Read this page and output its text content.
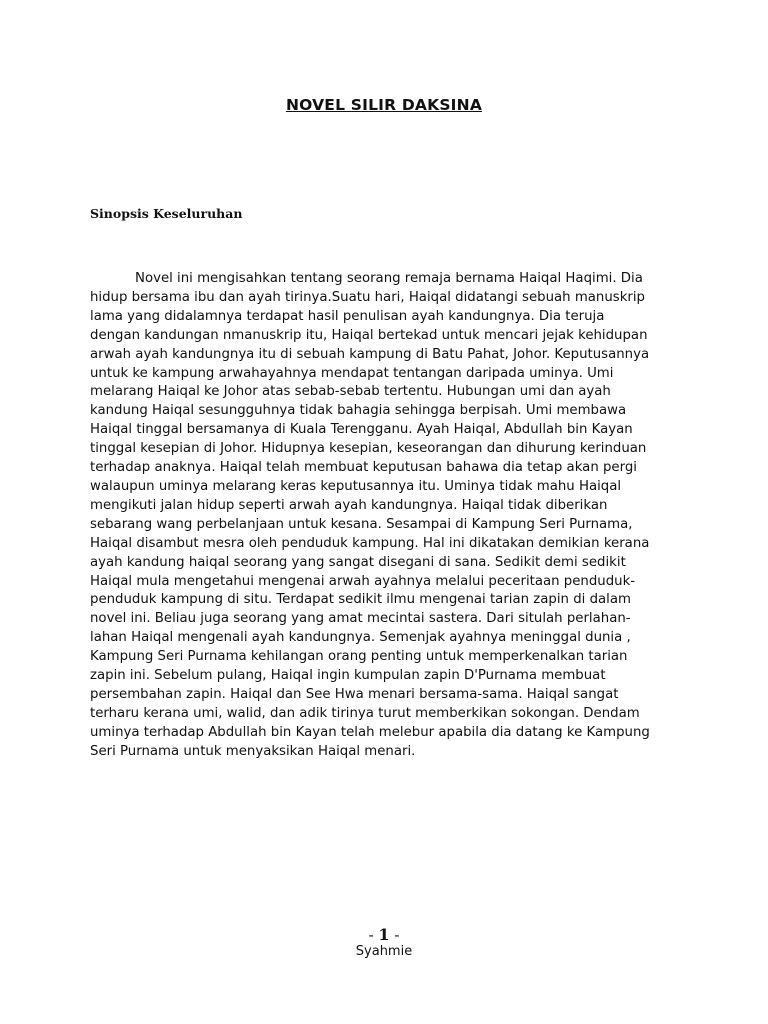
NOVEL SILIR DAKSINA
Sinopsis Keseluruhan
Novel ini mengisahkan tentang seorang remaja bernama Haiqal Haqimi. Dia
hidup bersama ibu dan ayah tirinya.Suatu hari, Haiqal didatangi sebuah manuskrip
lama yang didalamnya terdapat hasil penulisan ayah kandungnya. Dia teruja
dengan kandungan nmanuskrip itu, Haiqal bertekad untuk mencari jejak kehidupan
arwah ayah kandungnya itu di sebuah kampung di Batu Pahat, Johor. Keputusannya
untuk ke kampung arwahayahnya mendapat tentangan daripada uminya. Umi
melarang Haiqal ke Johor atas sebab-sebab tertentu. Hubungan umi dan ayah
kandung Haiqal sesungguhnya tidak bahagia sehingga berpisah. Umi membawa
Haiqal tinggal bersamanya di Kuala Terengganu. Ayah Haiqal, Abdullah bin Kayan
tinggal kesepian di Johor. Hidupnya kesepian, keseorangan dan dihurung kerinduan
terhadap anaknya. Haiqal telah membuat keputusan bahawa dia tetap akan pergi
walaupun uminya melarang keras keputusannya itu. Uminya tidak mahu Haiqal
mengikuti jalan hidup seperti arwah ayah kandungnya. Haiqal tidak diberikan
sebarang wang perbelanjaan untuk kesana. Sesampai di Kampung Seri Purnama,
Haiqal disambut mesra oleh penduduk kampung. Hal ini dikatakan demikian kerana
ayah kandung haiqal seorang yang sangat disegani di sana. Sedikit demi sedikit
Haiqal mula mengetahui mengenai arwah ayahnya melalui peceritaan penduduk-
penduduk kampung di situ. Terdapat sedikit ilmu mengenai tarian zapin di dalam
novel ini. Beliau juga seorang yang amat mecintai sastera. Dari situlah perlahan-
lahan Haiqal mengenali ayah kandungnya. Semenjak ayahnya meninggal dunia ,
Kampung Seri Purnama kehilangan orang penting untuk memperkenalkan tarian
zapin ini. Sebelum pulang, Haiqal ingin kumpulan zapin D'Purnama membuat
persembahan zapin. Haiqal dan See Hwa menari bersama-sama. Haiqal sangat
terharu kerana umi, walid, dan adik tirinya turut memberkikan sokongan. Dendam
uminya terhadap Abdullah bin Kayan telah melebur apabila dia datang ke Kampung
Seri Purnama untuk menyaksikan Haiqal menari.
- 1 -
Syahmie
